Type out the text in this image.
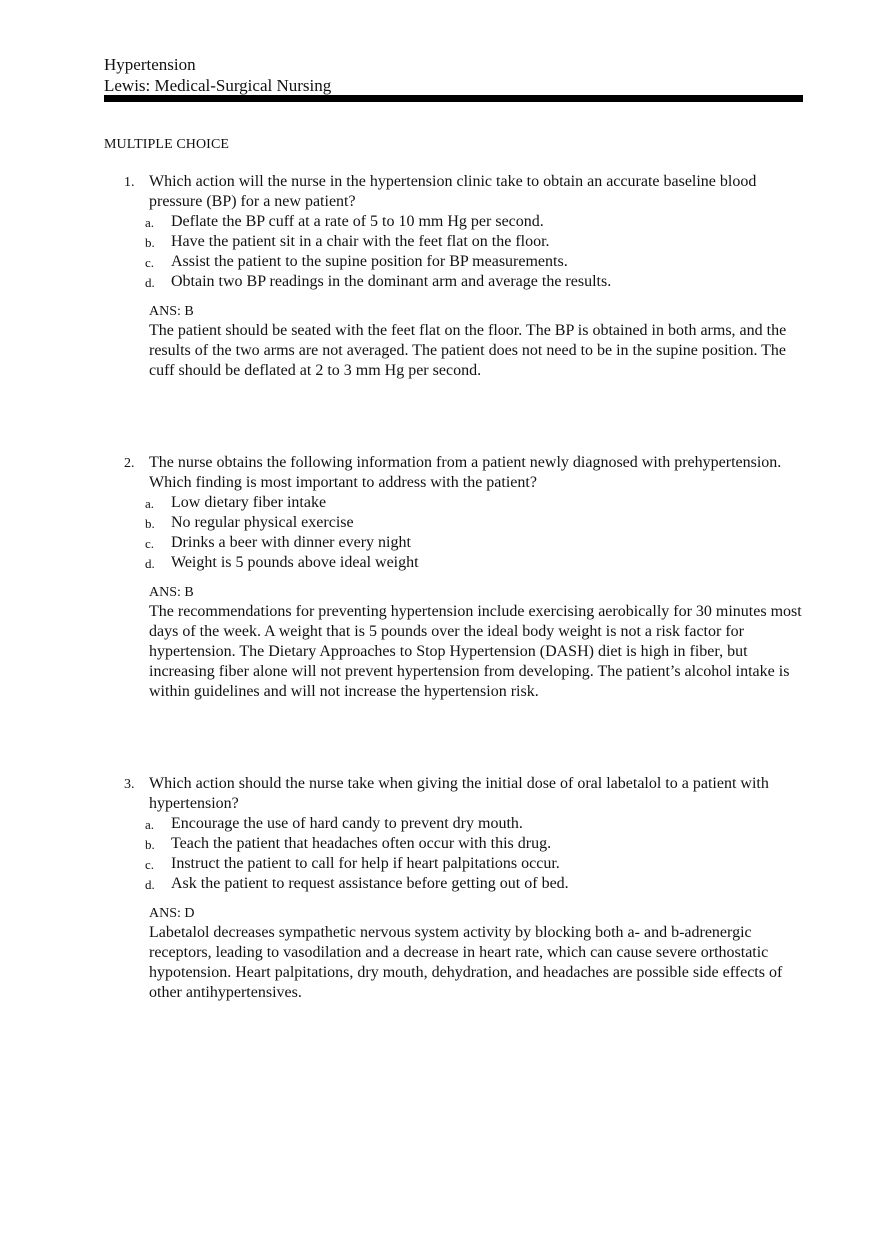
Hypertension
Lewis: Medical-Surgical Nursing
MULTIPLE CHOICE
1. Which action will the nurse in the hypertension clinic take to obtain an accurate baseline blood pressure (BP) for a new patient?
a. Deflate the BP cuff at a rate of 5 to 10 mm Hg per second.
b. Have the patient sit in a chair with the feet flat on the floor.
c. Assist the patient to the supine position for BP measurements.
d. Obtain two BP readings in the dominant arm and average the results.
ANS: B
The patient should be seated with the feet flat on the floor. The BP is obtained in both arms, and the results of the two arms are not averaged. The patient does not need to be in the supine position. The cuff should be deflated at 2 to 3 mm Hg per second.
2. The nurse obtains the following information from a patient newly diagnosed with prehypertension. Which finding is most important to address with the patient?
a. Low dietary fiber intake
b. No regular physical exercise
c. Drinks a beer with dinner every night
d. Weight is 5 pounds above ideal weight
ANS: B
The recommendations for preventing hypertension include exercising aerobically for 30 minutes most days of the week. A weight that is 5 pounds over the ideal body weight is not a risk factor for hypertension. The Dietary Approaches to Stop Hypertension (DASH) diet is high in fiber, but increasing fiber alone will not prevent hypertension from developing. The patient’s alcohol intake is within guidelines and will not increase the hypertension risk.
3. Which action should the nurse take when giving the initial dose of oral labetalol to a patient with hypertension?
a. Encourage the use of hard candy to prevent dry mouth.
b. Teach the patient that headaches often occur with this drug.
c. Instruct the patient to call for help if heart palpitations occur.
d. Ask the patient to request assistance before getting out of bed.
ANS: D
Labetalol decreases sympathetic nervous system activity by blocking both a- and b-adrenergic receptors, leading to vasodilation and a decrease in heart rate, which can cause severe orthostatic hypotension. Heart palpitations, dry mouth, dehydration, and headaches are possible side effects of other antihypertensives.
